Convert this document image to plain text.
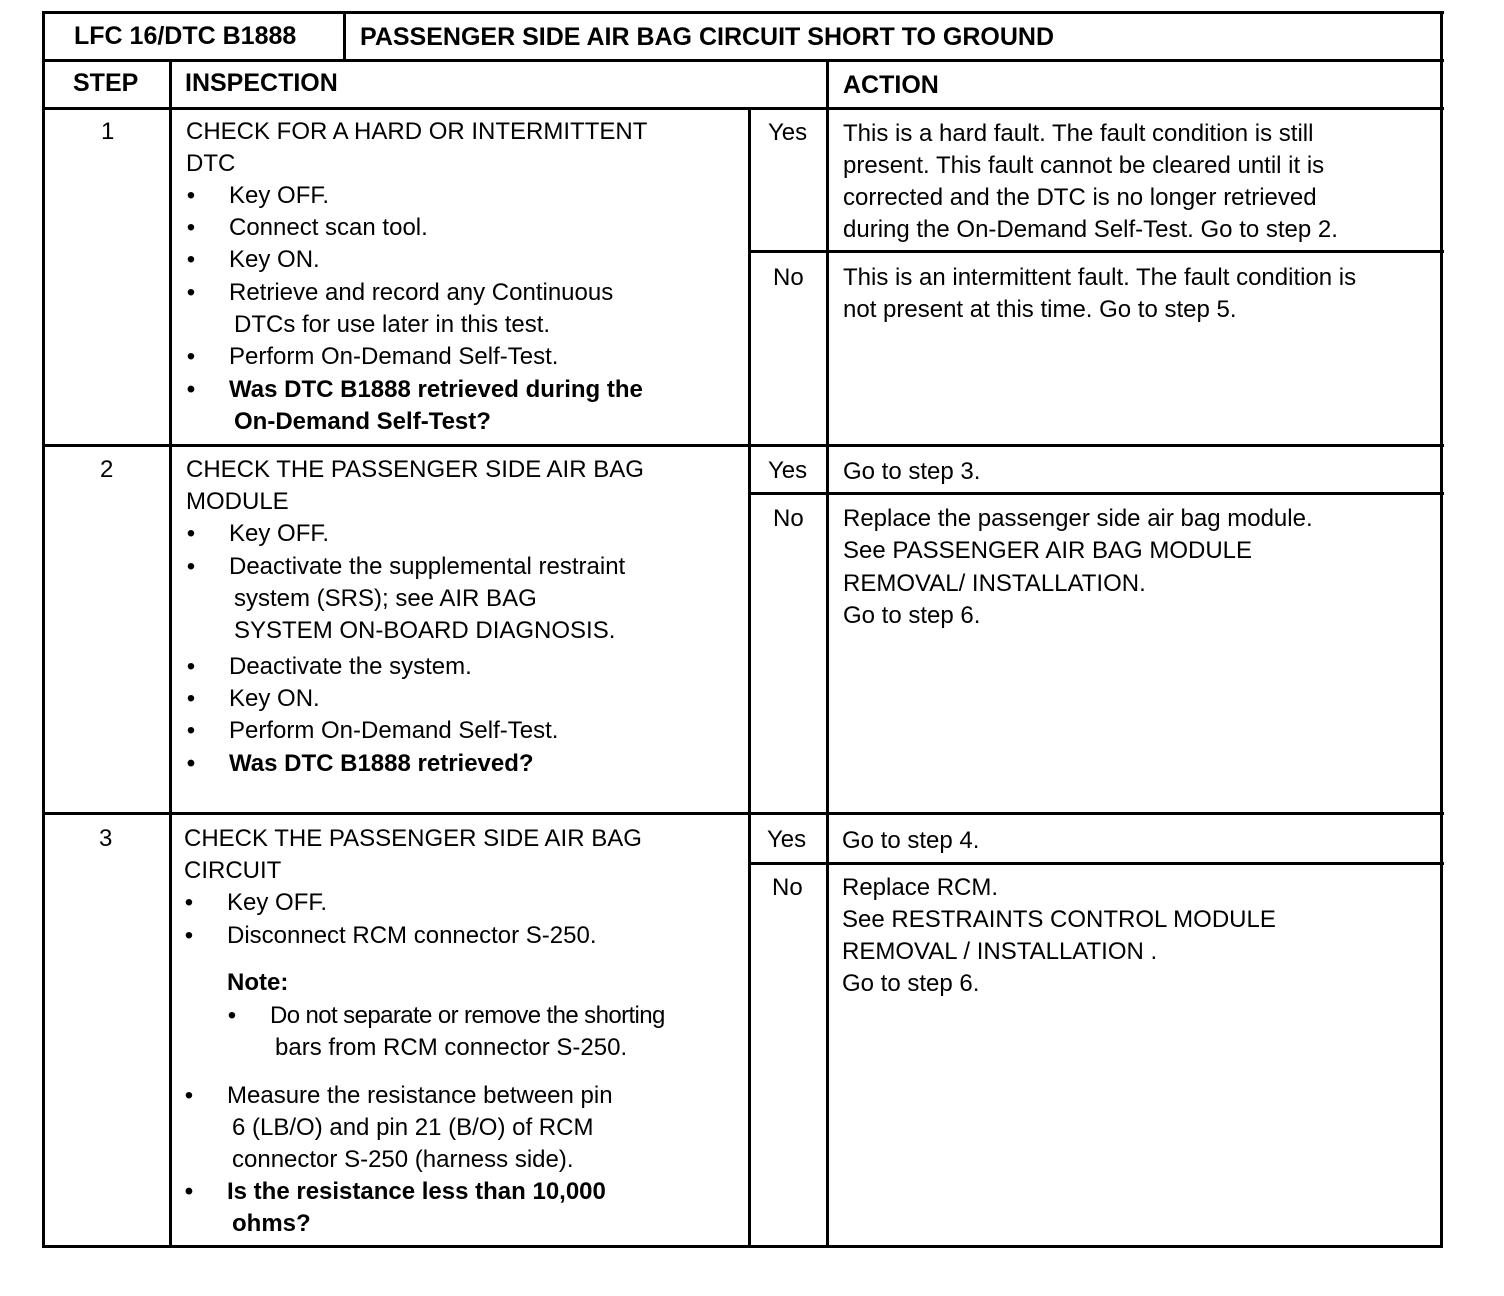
LFC 16/DTC B1888	PASSENGER SIDE AIR BAG CIRCUIT SHORT TO GROUND
STEP INSPECTION	ACTION
1	CHECK FOR A HARD OR INTERMITTENT
DTC
• Key OFF.
• Connect scan tool.
• Key ON.
• Retrieve and record any Continuous
DTCs for use later in this test.
• Perform On-Demand Self-Test.
• Was DTC B1888 retrieved during the
On-Demand Self-Test?
Yes This is a hard fault. The fault condition is still
present. This fault cannot be cleared until it is
corrected and the DTC is no longer retrieved
during the On-Demand Self-Test. Go to step 2.
No This is an intermittent fault. The fault condition is
not present at this time. Go to step 5.
2	CHECK THE PASSENGER SIDE AIR BAG
MODULE
• Key OFF.
• Deactivate the supplemental restraint
system (SRS); see AIR BAG
SYSTEM ON-BOARD DIAGNOSIS.
• Deactivate the system.
• Key ON.
• Perform On-Demand Self-Test.
• Was DTC B1888 retrieved?
Yes Go to step 3.
No Replace the passenger side air bag module.
See PASSENGER AIR BAG MODULE
REMOVAL/ INSTALLATION.
Go to step 6.
3	CHECK THE PASSENGER SIDE AIR BAG
CIRCUIT
• Key OFF.
• Disconnect RCM connector S-250.
Note:
• Do not separate or remove the shorting
bars from RCM connector S-250.
• Measure the resistance between pin
6 (LB/O) and pin 21 (B/O) of RCM
connector S-250 (harness side).
• Is the resistance less than 10,000
ohms?
Yes Go to step 4.
No Replace RCM.
See RESTRAINTS CONTROL MODULE
REMOVAL / INSTALLATION .
Go to step 6.
